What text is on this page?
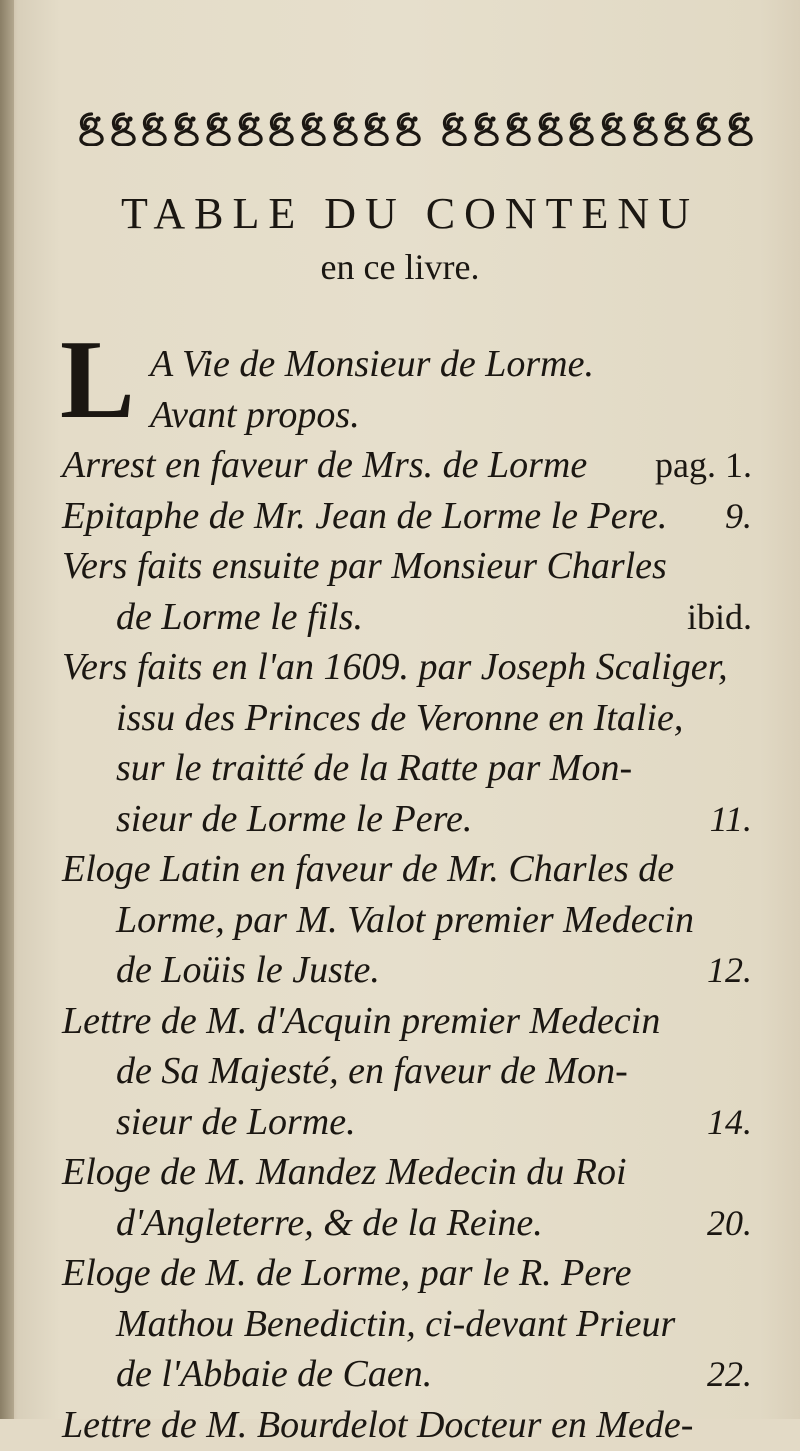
TABLE DU CONTENU
en ce livre.
L A Vie de Monsieur de Lorme.
Avant propos.
Arrest en faveur de Mrs. de Lorme pag. 1.
Epitaphe de Mr. Jean de Lorme le Pere. 9.
Vers faits ensuite par Monsieur Charles
de Lorme le fils.	ibid.
Vers faits en l'an 1609. par Joseph Scaliger,
issu des Princes de Veronne en Italie,
sur le traitté de la Ratte par Mon-
sieur de Lorme le Pere.	11.
Eloge Latin en faveur de Mr. Charles de
Lorme, par M. Valot premier Medecin
de Loüis le Juste.	12.
Lettre de M. d'Acquin premier Medecin
de Sa Majesté, en faveur de Mon-
sieur de Lorme.	14.
Eloge de M. Mandez Medecin du Roi
d'Angleterre, & de la Reine.	20.
Eloge de M. de Lorme, par le R. Pere
Mathou Benedictin, ci-devant Prieur
de l'Abbaie de Caen.	22.
Lettre de M. Bourdelot Docteur en Mede-
